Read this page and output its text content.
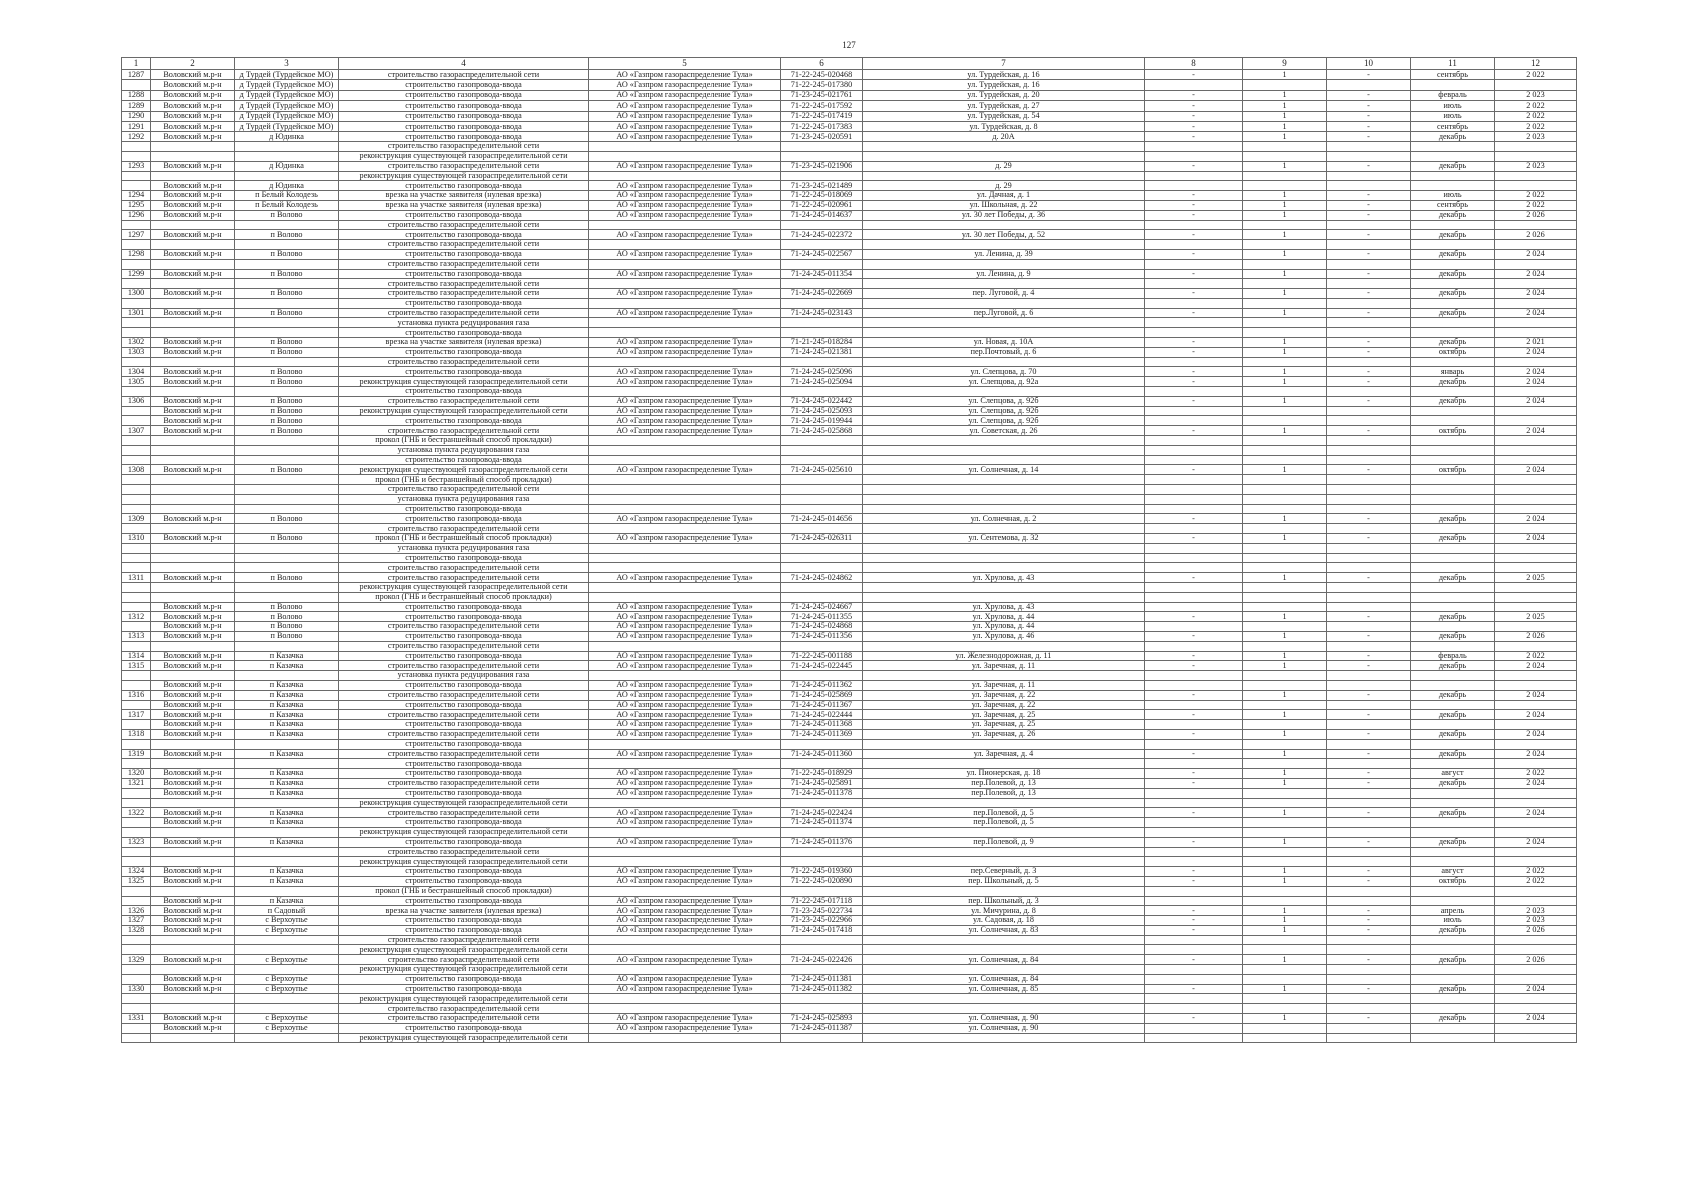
127
1	2	3	4	5	6	7	8	9	10	11	12
1287	Воловский м.р-н	д Турдей (Турдейское МО)	строительство газораспределительной сети	АО «Газпром газораспределение Тула»	71-22-245-020468	ул. Турдейская, д. 16	-	1	-	сентябрь	2 022
	Воловский м.р-н	д Турдей (Турдейское МО)	строительство газопровода-ввода	АО «Газпром газораспределение Тула»	71-22-245-017380	ул. Турдейская, д. 16					
1288	Воловский м.р-н	д Турдей (Турдейское МО)	строительство газопровода-ввода	АО «Газпром газораспределение Тула»	71-23-245-021761	ул. Турдейская, д. 20	-	1	-	февраль	2 023
1289	Воловский м.р-н	д Турдей (Турдейское МО)	строительство газопровода-ввода	АО «Газпром газораспределение Тула»	71-22-245-017592	ул. Турдейская, д. 27	-	1	-	июль	2 022
1290	Воловский м.р-н	д Турдей (Турдейское МО)	строительство газопровода-ввода	АО «Газпром газораспределение Тула»	71-22-245-017419	ул. Турдейская, д. 54	-	1	-	июль	2 022
1291	Воловский м.р-н	д Турдей (Турдейское МО)	строительство газопровода-ввода	АО «Газпром газораспределение Тула»	71-22-245-017383	ул. Турдейская, д. 8	-	1	-	сентябрь	2 022
1292	Воловский м.р-н	д Юдинка	строительство газопровода-ввода	АО «Газпром газораспределение Тула»	71-23-245-020591	д. 20А	-	1	-	декабрь	2 023
			строительство газораспределительной сети								
			реконструкция существующей газораспределительной сети								
1293	Воловский м.р-н	д Юдинка	строительство газораспределительной сети	АО «Газпром газораспределение Тула»	71-23-245-021906	д. 29	-	1	-	декабрь	2 023
			реконструкция существующей газораспределительной сети								
	Воловский м.р-н	д Юдинка	строительство газопровода-ввода	АО «Газпром газораспределение Тула»	71-23-245-021489	д. 29					
1294	Воловский м.р-н	п Белый Колодезь	врезка на участке заявителя (нулевая врезка)	АО «Газпром газораспределение Тула»	71-22-245-018069	ул. Дачная, д. 1	-	1	-	июль	2 022
1295	Воловский м.р-н	п Белый Колодезь	врезка на участке заявителя (нулевая врезка)	АО «Газпром газораспределение Тула»	71-22-245-020961	ул. Школьная, д. 22	-	1	-	сентябрь	2 022
1296	Воловский м.р-н	п Волово	строительство газопровода-ввода	АО «Газпром газораспределение Тула»	71-24-245-014637	ул. 30 лет Победы, д. 36	-	1	-	декабрь	2 026
			строительство газораспределительной сети								
1297	Воловский м.р-н	п Волово	строительство газопровода-ввода	АО «Газпром газораспределение Тула»	71-24-245-022372	ул. 30 лет Победы, д. 52	-	1	-	декабрь	2 026
			строительство газораспределительной сети								
1298	Воловский м.р-н	п Волово	строительство газопровода-ввода	АО «Газпром газораспределение Тула»	71-24-245-022567	ул. Ленина, д. 39	-	1	-	декабрь	2 024
			строительство газораспределительной сети								
1299	Воловский м.р-н	п Волово	строительство газопровода-ввода	АО «Газпром газораспределение Тула»	71-24-245-011354	ул. Ленина, д. 9	-	1	-	декабрь	2 024
			строительство газораспределительной сети								
1300	Воловский м.р-н	п Волово	строительство газораспределительной сети	АО «Газпром газораспределение Тула»	71-24-245-022669	пер. Луговой, д. 4	-	1	-	декабрь	2 024
			строительство газопровода-ввода								
1301	Воловский м.р-н	п Волово	строительство газораспределительной сети	АО «Газпром газораспределение Тула»	71-24-245-023143	пер.Луговой, д. 6	-	1	-	декабрь	2 024
			установка пункта редуцирования газа								
			строительство газопровода-ввода								
1302	Воловский м.р-н	п Волово	врезка на участке заявителя (нулевая врезка)	АО «Газпром газораспределение Тула»	71-21-245-018284	ул. Новая, д. 10А	-	1	-	декабрь	2 021
1303	Воловский м.р-н	п Волово	строительство газопровода-ввода	АО «Газпром газораспределение Тула»	71-24-245-021381	пер.Почтовый, д. 6	-	1	-	октябрь	2 024
			строительство газораспределительной сети								
1304	Воловский м.р-н	п Волово	строительство газопровода-ввода	АО «Газпром газораспределение Тула»	71-24-245-025096	ул. Слепцова, д. 70	-	1	-	январь	2 024
1305	Воловский м.р-н	п Волово	реконструкция существующей газораспределительной сети	АО «Газпром газораспределение Тула»	71-24-245-025094	ул. Слепцова, д. 92а	-	1	-	декабрь	2 024
			строительство газопровода-ввода								
1306	Воловский м.р-н	п Волово	строительство газораспределительной сети	АО «Газпром газораспределение Тула»	71-24-245-022442	ул. Слепцова, д. 92б	-	1	-	декабрь	2 024
	Воловский м.р-н	п Волово	реконструкция существующей газораспределительной сети	АО «Газпром газораспределение Тула»	71-24-245-025093	ул. Слепцова, д. 92б					
	Воловский м.р-н	п Волово	строительство газопровода-ввода	АО «Газпром газораспределение Тула»	71-24-245-019944	ул. Слепцова, д. 92б					
1307	Воловский м.р-н	п Волово	строительство газораспределительной сети	АО «Газпром газораспределение Тула»	71-24-245-025868	ул. Советская, д. 26	-	1	-	октябрь	2 024
			прокол (ГНБ и бестраншейный способ прокладки)								
			установка пункта редуцирования газа								
			строительство газопровода-ввода								
1308	Воловский м.р-н	п Волово	реконструкция существующей газораспределительной сети	АО «Газпром газораспределение Тула»	71-24-245-025610	ул. Солнечная, д. 14	-	1	-	октябрь	2 024
			прокол (ГНБ и бестраншейный способ прокладки)								
			строительство газораспределительной сети								
			установка пункта редуцирования газа								
			строительство газопровода-ввода								
1309	Воловский м.р-н	п Волово	строительство газопровода-ввода	АО «Газпром газораспределение Тула»	71-24-245-014656	ул. Солнечная, д. 2	-	1	-	декабрь	2 024
			строительство газораспределительной сети								
1310	Воловский м.р-н	п Волово	прокол (ГНБ и бестраншейный способ прокладки)	АО «Газпром газораспределение Тула»	71-24-245-026311	ул. Сентемова, д. 32	-	1	-	декабрь	2 024
			установка пункта редуцирования газа								
			строительство газопровода-ввода								
			строительство газораспределительной сети								
1311	Воловский м.р-н	п Волово	строительство газораспределительной сети	АО «Газпром газораспределение Тула»	71-24-245-024862	ул. Хрулова, д. 43	-	1	-	декабрь	2 025
			реконструкция существующей газораспределительной сети								
			прокол (ГНБ и бестраншейный способ прокладки)								
	Воловский м.р-н	п Волово	строительство газопровода-ввода	АО «Газпром газораспределение Тула»	71-24-245-024667	ул. Хрулова, д. 43					
1312	Воловский м.р-н	п Волово	строительство газопровода-ввода	АО «Газпром газораспределение Тула»	71-24-245-011355	ул. Хрулова, д. 44	-	1	-	декабрь	2 025
	Воловский м.р-н	п Волово	строительство газораспределительной сети	АО «Газпром газораспределение Тула»	71-24-245-024868	ул. Хрулова, д. 44					
1313	Воловский м.р-н	п Волово	строительство газопровода-ввода	АО «Газпром газораспределение Тула»	71-24-245-011356	ул. Хрулова, д. 46	-	1	-	декабрь	2 026
			строительство газораспределительной сети								
1314	Воловский м.р-н	п Казачка	строительство газопровода-ввода	АО «Газпром газораспределение Тула»	71-22-245-001188	ул. Железнодорожная, д. 11	-	1	-	февраль	2 022
1315	Воловский м.р-н	п Казачка	строительство газораспределительной сети	АО «Газпром газораспределение Тула»	71-24-245-022445	ул. Заречная, д. 11	-	1	-	декабрь	2 024
			установка пункта редуцирования газа								
	Воловский м.р-н	п Казачка	строительство газопровода-ввода	АО «Газпром газораспределение Тула»	71-24-245-011362	ул. Заречная, д. 11					
1316	Воловский м.р-н	п Казачка	строительство газораспределительной сети	АО «Газпром газораспределение Тула»	71-24-245-025869	ул. Заречная, д. 22	-	1	-	декабрь	2 024
	Воловский м.р-н	п Казачка	строительство газопровода-ввода	АО «Газпром газораспределение Тула»	71-24-245-011367	ул. Заречная, д. 22					
1317	Воловский м.р-н	п Казачка	строительство газораспределительной сети	АО «Газпром газораспределение Тула»	71-24-245-022444	ул. Заречная, д. 25	-	1	-	декабрь	2 024
	Воловский м.р-н	п Казачка	строительство газопровода-ввода	АО «Газпром газораспределение Тула»	71-24-245-011368	ул. Заречная, д. 25					
1318	Воловский м.р-н	п Казачка	строительство газораспределительной сети	АО «Газпром газораспределение Тула»	71-24-245-011369	ул. Заречная, д. 26	-	1	-	декабрь	2 024
			строительство газопровода-ввода								
1319	Воловский м.р-н	п Казачка	строительство газораспределительной сети	АО «Газпром газораспределение Тула»	71-24-245-011360	ул. Заречная, д. 4	-	1	-	декабрь	2 024
			строительство газопровода-ввода								
1320	Воловский м.р-н	п Казачка	строительство газопровода-ввода	АО «Газпром газораспределение Тула»	71-22-245-018929	ул. Пионерская, д. 18	-	1	-	август	2 022
1321	Воловский м.р-н	п Казачка	строительство газораспределительной сети	АО «Газпром газораспределение Тула»	71-24-245-025891	пер.Полевой, д. 13	-	1	-	декабрь	2 024
	Воловский м.р-н	п Казачка	строительство газопровода-ввода	АО «Газпром газораспределение Тула»	71-24-245-011378	пер.Полевой, д. 13					
			реконструкция существующей газораспределительной сети								
1322	Воловский м.р-н	п Казачка	строительство газораспределительной сети	АО «Газпром газораспределение Тула»	71-24-245-022424	пер.Полевой, д. 5	-	1	-	декабрь	2 024
	Воловский м.р-н	п Казачка	строительство газопровода-ввода	АО «Газпром газораспределение Тула»	71-24-245-011374	пер.Полевой, д. 5					
			реконструкция существующей газораспределительной сети								
1323	Воловский м.р-н	п Казачка	строительство газопровода-ввода	АО «Газпром газораспределение Тула»	71-24-245-011376	пер.Полевой, д. 9	-	1	-	декабрь	2 024
			строительство газораспределительной сети								
			реконструкция существующей газораспределительной сети								
1324	Воловский м.р-н	п Казачка	строительство газопровода-ввода	АО «Газпром газораспределение Тула»	71-22-245-019360	пер.Северный, д. 3	-	1	-	август	2 022
1325	Воловский м.р-н	п Казачка	строительство газопровода-ввода	АО «Газпром газораспределение Тула»	71-22-245-020890	пер. Школьный, д. 5	-	1	-	октябрь	2 022
			прокол (ГНБ и бестраншейный способ прокладки)								
	Воловский м.р-н	п Казачка	строительство газопровода-ввода	АО «Газпром газораспределение Тула»	71-22-245-017118	пер. Школьный, д. 3					
1326	Воловский м.р-н	п Садовый	врезка на участке заявителя (нулевая врезка)	АО «Газпром газораспределение Тула»	71-23-245-022734	ул. Мичурина, д. 8	-	1	-	апрель	2 023
1327	Воловский м.р-н	с Верхоупье	строительство газопровода-ввода	АО «Газпром газораспределение Тула»	71-23-245-022966	ул. Садовая, д. 18	-	1	-	июль	2 023
1328	Воловский м.р-н	с Верхоупье	строительство газопровода-ввода	АО «Газпром газораспределение Тула»	71-24-245-017418	ул. Солнечная, д. 83	-	1	-	декабрь	2 026
			строительство газораспределительной сети								
			реконструкция существующей газораспределительной сети								
1329	Воловский м.р-н	с Верхоупье	строительство газораспределительной сети	АО «Газпром газораспределение Тула»	71-24-245-022426	ул. Солнечная, д. 84	-	1	-	декабрь	2 026
			реконструкция существующей газораспределительной сети								
	Воловский м.р-н	с Верхоупье	строительство газопровода-ввода	АО «Газпром газораспределение Тула»	71-24-245-011381	ул. Солнечная, д. 84					
1330	Воловский м.р-н	с Верхоупье	строительство газопровода-ввода	АО «Газпром газораспределение Тула»	71-24-245-011382	ул. Солнечная, д. 85	-	1	-	декабрь	2 024
			реконструкция существующей газораспределительной сети								
			строительство газораспределительной сети								
1331	Воловский м.р-н	с Верхоупье	строительство газораспределительной сети	АО «Газпром газораспределение Тула»	71-24-245-025893	ул. Солнечная, д. 90	-	1	-	декабрь	2 024
	Воловский м.р-н	с Верхоупье	строительство газопровода-ввода	АО «Газпром газораспределение Тула»	71-24-245-011387	ул. Солнечная, д. 90					
			реконструкция существующей газораспределительной сети								
